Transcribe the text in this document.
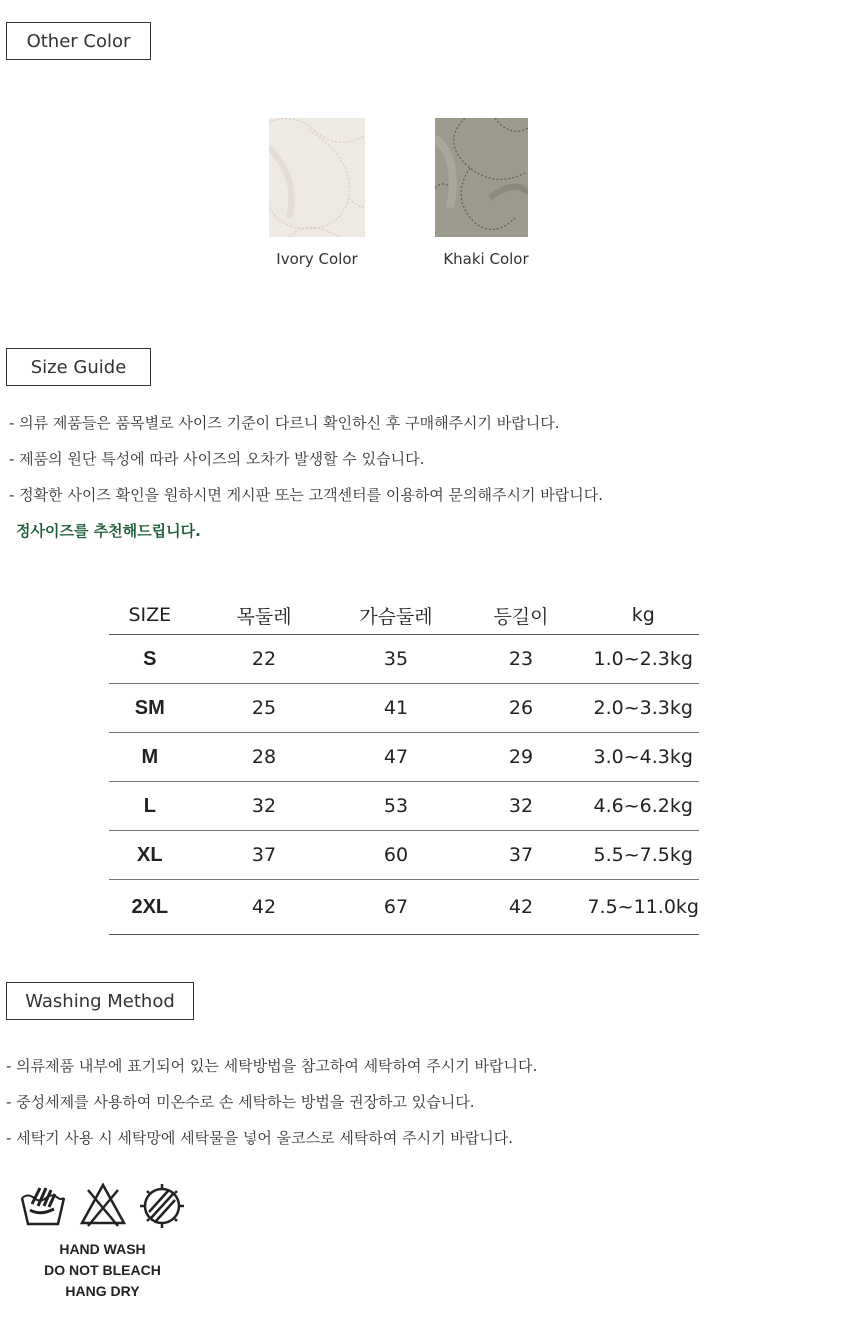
Other Color
Ivory Color	Khaki Color
Size Guide
- 의류 제품들은 품목별로 사이즈 기준이 다르니 확인하신 후 구매해주시기 바랍니다.
- 제품의 원단 특성에 따라 사이즈의 오차가 발생할 수 있습니다.
- 정확한 사이즈 확인을 원하시면 게시판 또는 고객센터를 이용하여 문의해주시기 바랍니다.
정사이즈를 추천해드립니다.
SIZE	목둘레	가슴둘레	등길이	kg
S	22	35	23	1.0~2.3kg
SM	25	41	26	2.0~3.3kg
M	28	47	29	3.0~4.3kg
L	32	53	32	4.6~6.2kg
XL	37	60	37	5.5~7.5kg
2XL	42	67	42	7.5~11.0kg
Washing Method
- 의류제품 내부에 표기되어 있는 세탁방법을 참고하여 세탁하여 주시기 바랍니다.
- 중성세제를 사용하여 미온수로 손 세탁하는 방법을 권장하고 있습니다.
- 세탁기 사용 시 세탁망에 세탁물을 넣어 울코스로 세탁하여 주시기 바랍니다.
HAND WASH
DO NOT BLEACH
HANG DRY
